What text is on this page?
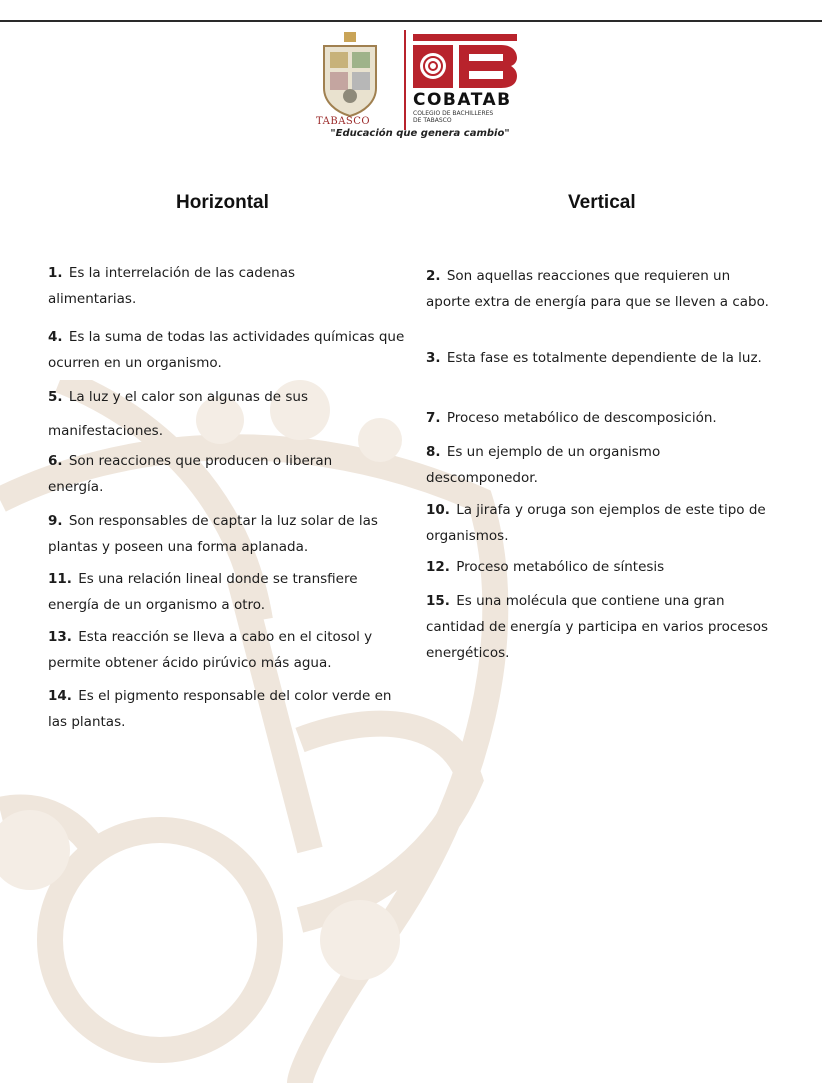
TABASCO
COBATAB
COLEGIO DE BACHILLERES
DE TABASCO
"Educación que genera cambio"
Horizontal	Vertical

1. Es la interrelación de las cadenas alimentarias.

4. Es la suma de todas las actividades químicas que ocurren en un organismo.

5. La luz y el calor son algunas de sus manifestaciones.

6. Son reacciones que producen o liberan energía.

9. Son responsables de captar la luz solar de las plantas y poseen una forma aplanada.

11. Es una relación lineal donde se transfiere energía de un organismo a otro.

13. Esta reacción se lleva a cabo en el citosol y permite obtener ácido pirúvico más agua.

14. Es el pigmento responsable del color verde en las plantas.

2. Son aquellas reacciones que requieren un aporte extra de energía para que se lleven a cabo.

3. Esta fase es totalmente dependiente de la luz.

7. Proceso metabólico de descomposición.

8. Es un ejemplo de un organismo descomponedor.

10. La jirafa y oruga son ejemplos de este tipo de organismos.

12. Proceso metabólico de síntesis

15. Es una molécula que contiene una gran cantidad de energía y participa en varios procesos energéticos.
